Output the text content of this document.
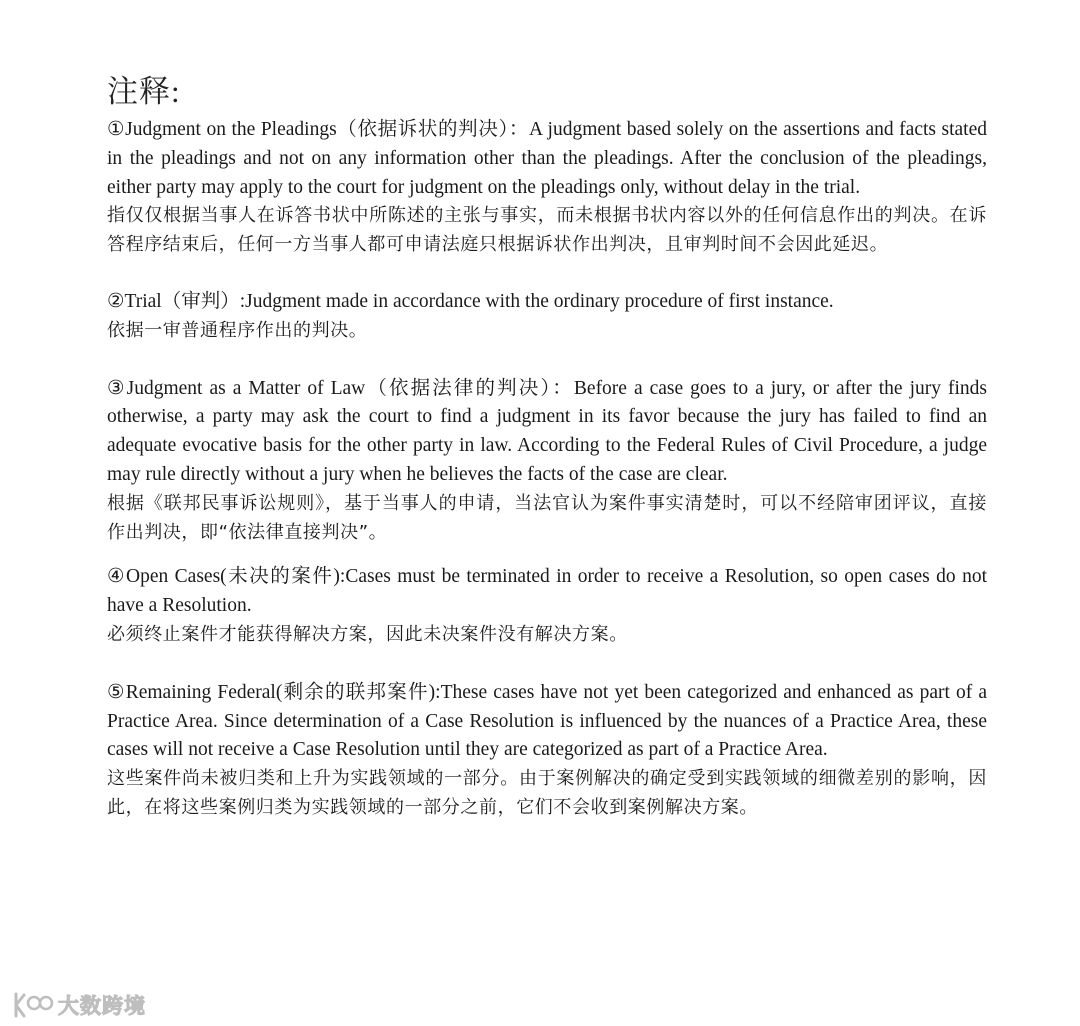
注释:

①Judgment on the Pleadings（依据诉状的判决）：A judgment based solely on the assertions and facts stated in the pleadings and not on any information other than the pleadings. After the conclusion of the pleadings, either party may apply to the court for judgment on the pleadings only, without delay in the trial.

指仅仅根据当事人在诉答书状中所陈述的主张与事实，而未根据书状内容以外的任何信息作出的判决。在诉答程序结束后，任何一方当事人都可申请法庭只根据诉状作出判决，且审判时间不会因此延迟。

②Trial（审判）:Judgment made in accordance with the ordinary procedure of first instance.

依据一审普通程序作出的判决。

③Judgment as a Matter of Law（依据法律的判决）：Before a case goes to a jury, or after the jury finds otherwise, a party may ask the court to find a judgment in its favor because the jury has failed to find an adequate evocative basis for the other party in law. According to the Federal Rules of Civil Procedure, a judge may rule directly without a jury when he believes the facts of the case are clear.

根据《联邦民事诉讼规则》，基于当事人的申请，当法官认为案件事实清楚时，可以不经陪审团评议，直接作出判决，即“依法律直接判决”。

④Open Cases(未决的案件):Cases must be terminated in order to receive a Resolution, so open cases do not have a Resolution.

必须终止案件才能获得解决方案，因此未决案件没有解决方案。

⑤Remaining Federal(剩余的联邦案件):These cases have not yet been categorized and enhanced as part of a Practice Area. Since determination of a Case Resolution is influenced by the nuances of a Practice Area, these cases will not receive a Case Resolution until they are categorized as part of a Practice Area.

这些案件尚未被归类和上升为实践领域的一部分。由于案例解决的确定受到实践领域的细微差别的影响，因此，在将这些案例归类为实践领域的一部分之前，它们不会收到案例解决方案。

大数跨境
